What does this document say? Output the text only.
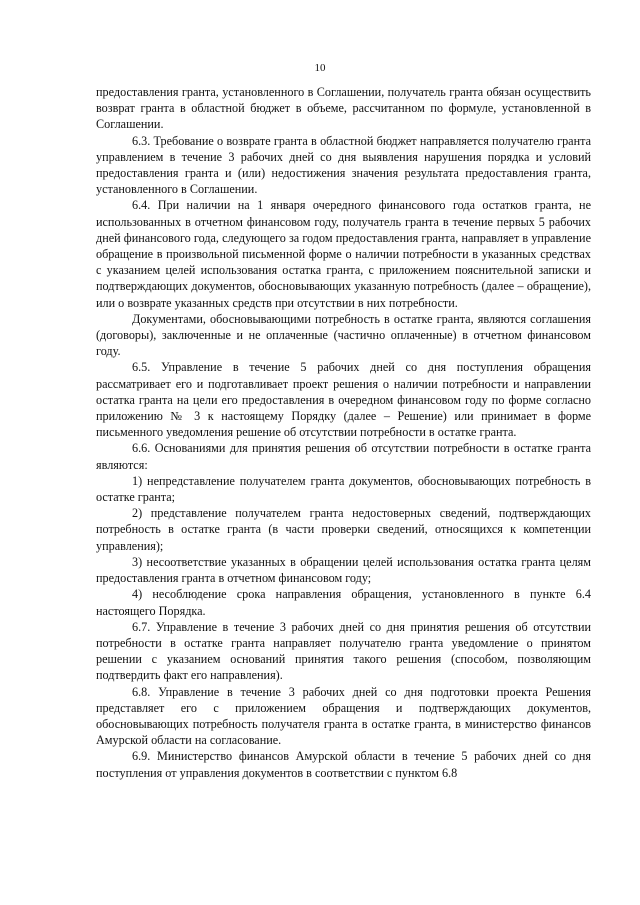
10

предоставления гранта, установленного в Соглашении, получатель гранта обязан осуществить возврат гранта в областной бюджет в объеме, рассчитанном по формуле, установленной в Соглашении.

6.3. Требование о возврате гранта в областной бюджет направляется получателю гранта управлением в течение 3 рабочих дней со дня выявления нарушения порядка и условий предоставления гранта и (или) недостижения значения результата предоставления гранта, установленного в Соглашении.

6.4. При наличии на 1 января очередного финансового года остатков гранта, не использованных в отчетном финансовом году, получатель гранта в течение первых 5 рабочих дней финансового года, следующего за годом предоставления гранта, направляет в управление обращение в произвольной письменной форме о наличии потребности в указанных средствах с указанием целей использования остатка гранта, с приложением пояснительной записки и подтверждающих документов, обосновывающих указанную потребность (далее – обращение), или о возврате указанных средств при отсутствии в них потребности.

Документами, обосновывающими потребность в остатке гранта, являются соглашения (договоры), заключенные и не оплаченные (частично оплаченные) в отчетном финансовом году.

6.5. Управление в течение 5 рабочих дней со дня поступления обращения рассматривает его и подготавливает проект решения о наличии потребности и направлении остатка гранта на цели его предоставления в очередном финансовом году по форме согласно приложению № 3 к настоящему Порядку (далее – Решение) или принимает в форме письменного уведомления решение об отсутствии потребности в остатке гранта.

6.6. Основаниями для принятия решения об отсутствии потребности в остатке гранта являются:

1) непредставление получателем гранта документов, обосновывающих потребность в остатке гранта;

2) представление получателем гранта недостоверных сведений, подтверждающих потребность в остатке гранта (в части проверки сведений, относящихся к компетенции управления);

3) несоответствие указанных в обращении целей использования остатка гранта целям предоставления гранта в отчетном финансовом году;

4) несоблюдение срока направления обращения, установленного в пункте 6.4 настоящего Порядка.

6.7. Управление в течение 3 рабочих дней со дня принятия решения об отсутствии потребности в остатке гранта направляет получателю гранта уведомление о принятом решении с указанием оснований принятия такого решения (способом, позволяющим подтвердить факт его направления).

6.8. Управление в течение 3 рабочих дней со дня подготовки проекта Решения представляет его с приложением обращения и подтверждающих документов, обосновывающих потребность получателя гранта в остатке гранта, в министерство финансов Амурской области на согласование.

6.9. Министерство финансов Амурской области в течение 5 рабочих дней со дня поступления от управления документов в соответствии с пунктом 6.8
